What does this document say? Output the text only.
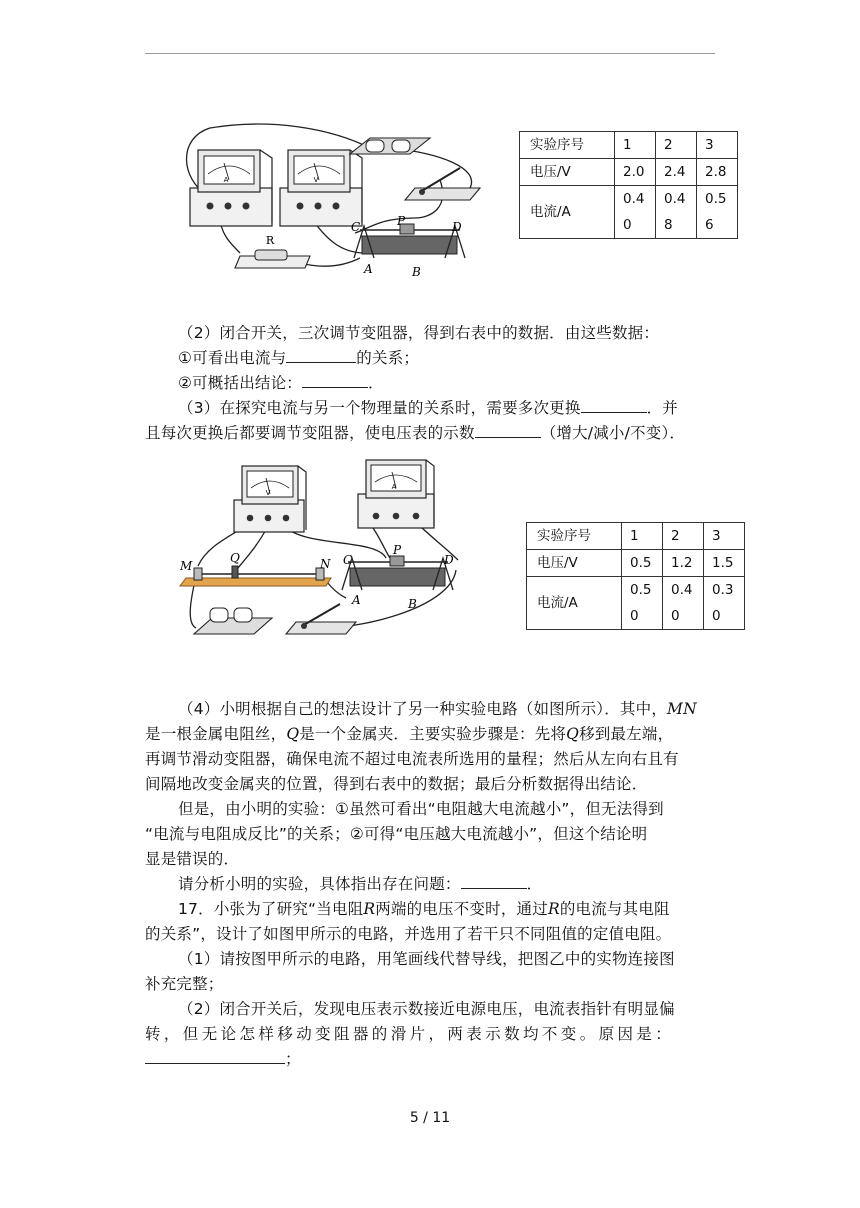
A	V
R
C	P	D
A	B
实验序号	1	2	3
电压/V	2.0	2.4	2.8
电流/A	0.40	0.48	0.56
（2）闭合开关，三次调节变阻器，得到右表中的数据．由这些数据：
①可看出电流与	的关系；
②可概括出结论：	．
（3）在探究电流与另一个物理量的关系时，需要多次更换	．并
且每次更换后都要调节变阻器，使电压表的示数	（增大/减小/不变）．
V
A
M
Q	N C
P
D
A	B
实验序号	1	2	3
电压/V	0.5	1.2	1.5
电流/A	0.50	0.40	0.30
（4）小明根据自己的想法设计了另一种实验电路（如图所示）．其中，MN
是一根金属电阻丝，Q是一个金属夹．主要实验步骤是：先将Q移到最左端，
再调节滑动变阻器，确保电流不超过电流表所选用的量程；然后从左向右且有
间隔地改变金属夹的位置，得到右表中的数据；最后分析数据得出结论．
但是，由小明的实验：①虽然可看出“电阻越大电流越小”，但无法得到
“电流与电阻成反比”的关系；②可得“电压越大电流越小”，但这个结论明
显是错误的．
请分析小明的实验，具体指出存在问题：	．
17．小张为了研究“当电阻R两端的电压不变时，通过R的电流与其电阻
的关系”，设计了如图甲所示的电路，并选用了若干只不同阻值的定值电阻。
（1）请按图甲所示的电路，用笔画线代替导线，把图乙中的实物连接图
补充完整；
（2）闭合开关后，发现电压表示数接近电源电压，电流表指针有明显偏
转，但无论怎样移动变阻器的滑片，两表示数均不变。原因是：
；
5 / 11
